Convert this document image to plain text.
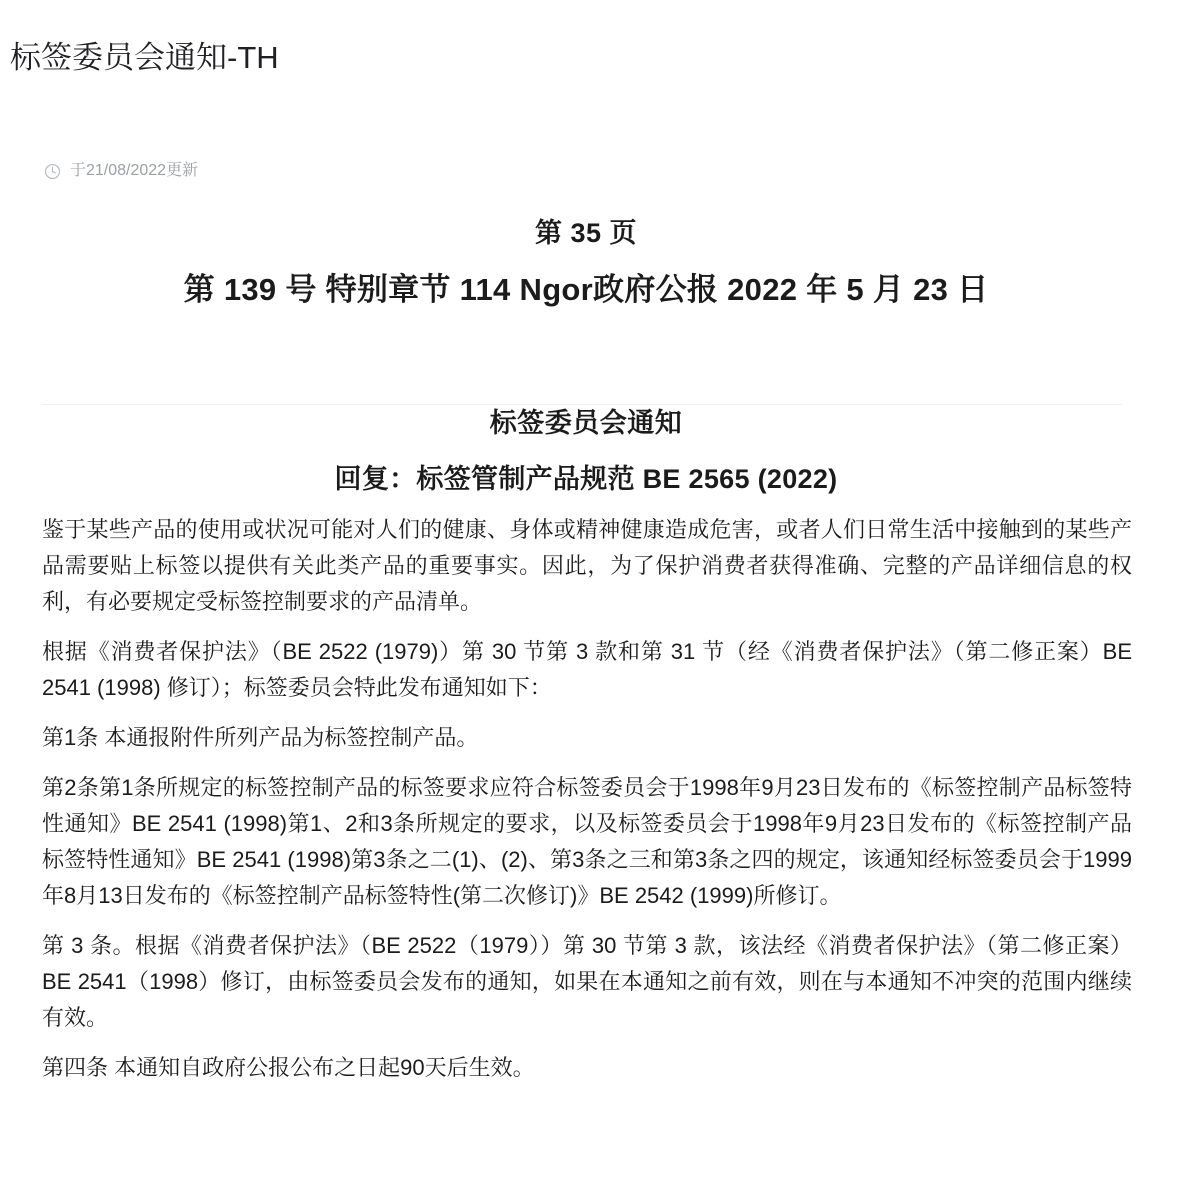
标签委员会通知-TH
于21/08/2022更新
第 35 页
第 139 号 特别章节 114 Ngor政府公报 2022 年 5 月 23 日
标签委员会通知
回复：标签管制产品规范 BE 2565 (2022)

鉴于某些产品的使用或状况可能对人们的健康、身体或精神健康造成危害，或者人们日常生活中接触到的某些产品需要贴上标签以提供有关此类产品的重要事实。因此，为了保护消费者获得准确、完整的产品详细信息的权利，有必要规定受标签控制要求的产品清单。

根据《消费者保护法》（BE 2522 (1979)）第 30 节第 3 款和第 31 节（经《消费者保护法》（第二修正案）BE 2541 (1998) 修订）；标签委员会特此发布通知如下：

第1条 本通报附件所列产品为标签控制产品。

第2条第1条所规定的标签控制产品的标签要求应符合标签委员会于1998年9月23日发布的《标签控制产品标签特性通知》BE 2541 (1998)第1、2和3条所规定的要求，以及标签委员会于1998年9月23日发布的《标签控制产品标签特性通知》BE 2541 (1998)第3条之二(1)、(2)、第3条之三和第3条之四的规定，该通知经标签委员会于1999年8月13日发布的《标签控制产品标签特性(第二次修订)》BE 2542 (1999)所修订。

第 3 条。根据《消费者保护法》（BE 2522（1979））第 30 节第 3 款，该法经《消费者保护法》（第二修正案）BE 2541（1998）修订，由标签委员会发布的通知，如果在本通知之前有效，则在与本通知不冲突的范围内继续有效。

第四条 本通知自政府公报公布之日起90天后生效。
